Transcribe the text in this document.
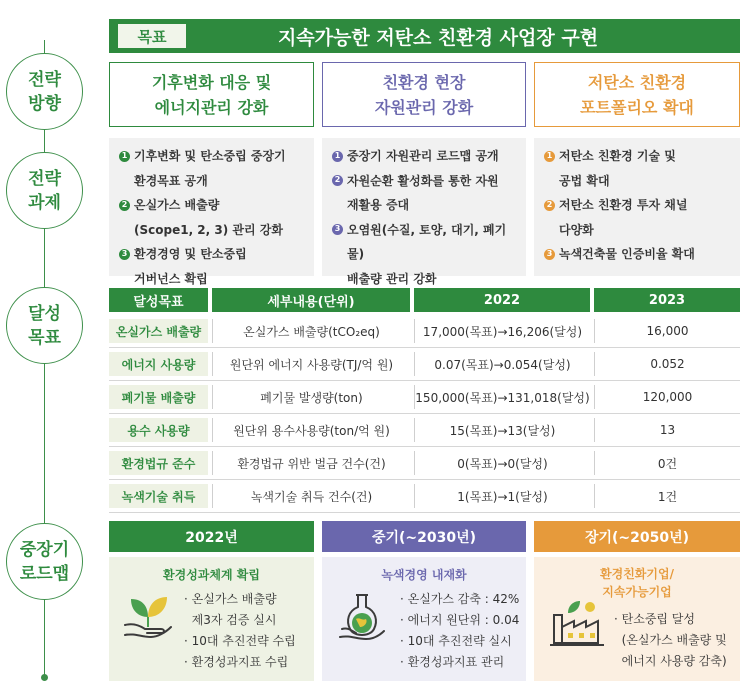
전략
방향
전략
과제
달성
목표
중장기
로드맵
목표	지속가능한 저탄소 친환경 사업장 구현
기후변화 대응 및
에너지관리 강화
친환경 현장
자원관리 강화
저탄소 친환경
포트폴리오 확대
1 기후변화 및 탄소중립 중장기
환경목표 공개
2 온실가스 배출량
(Scope1, 2, 3) 관리 강화
3 환경경영 및 탄소중립
거버넌스 확립
1 중장기 자원관리 로드맵 공개
2 자원순환 활성화를 통한 자원
재활용 증대
3 오염원(수질, 토양, 대기, 폐기물)
배출량 관리 강화
1 저탄소 친환경 기술 및
공법 확대
2 저탄소 친환경 투자 채널
다양화
3 녹색건축물 인증비율 확대
달성목표	세부내용(단위)	2022	2023
온실가스 배출량	온실가스 배출량(tCO₂eq)	17,000(목표)→16,206(달성)	16,000
에너지 사용량	원단위 에너지 사용량(TJ/억 원)	0.07(목표)→0.054(달성)	0.052
폐기물 배출량	폐기물 발생량(ton)	150,000(목표)→131,018(달성)	120,000
용수 사용량	원단위 용수사용량(ton/억 원)	15(목표)→13(달성)	13
환경법규 준수	환경법규 위반 벌금 건수(건)	0(목표)→0(달성)	0건
녹색기술 취득	녹색기술 취득 건수(건)	1(목표)→1(달성)	1건
2022년	중기(~2030년)	장기(~2050년)
환경성과체계 확립
· 온실가스 배출량
제3자 검증 실시
· 10대 추진전략 수립
· 환경성과지표 수립
녹색경영 내재화
· 온실가스 감축 : 42%
· 에너지 원단위 : 0.04
· 10대 추진전략 실시
· 환경성과지표 관리
환경친화기업/
지속가능기업
· 탄소중립 달성
(온실가스 배출량 및
에너지 사용량 감축)
